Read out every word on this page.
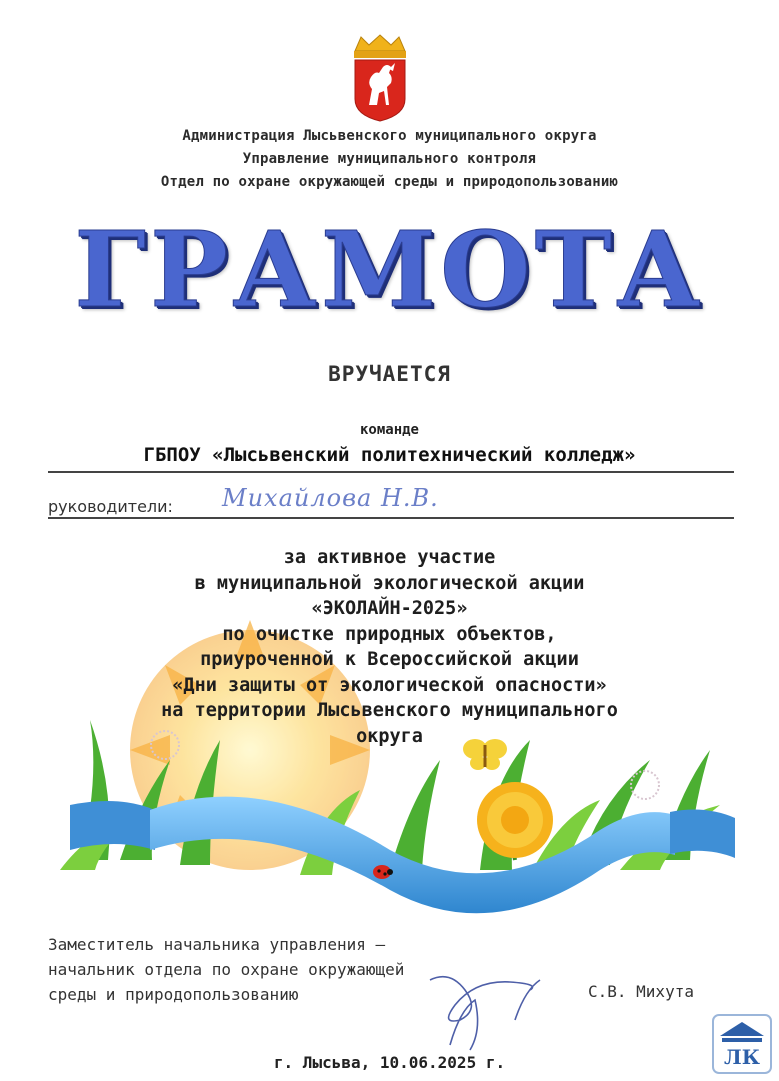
Администрация Лысьвенского муниципального округа
Управление муниципального контроля
Отдел по охране окружающей среды и природопользованию
ГРАМОТА
ВРУЧАЕТСЯ
команде
ГБПОУ «Лысьвенский политехнический колледж»
руководители: Михайлова Н.В.
за активное участие
в муниципальной экологической акции
«ЭКОЛАЙН-2025»
по очистке природных объектов,
приуроченной к Всероссийской акции
«Дни защиты от экологической опасности»
на территории Лысьвенского муниципального
округа
Заместитель начальника управления –
начальник отдела по охране окружающей
среды и природопользованию	С.В. Михута
г. Лысьва, 10.06.2025 г.	ЛК
